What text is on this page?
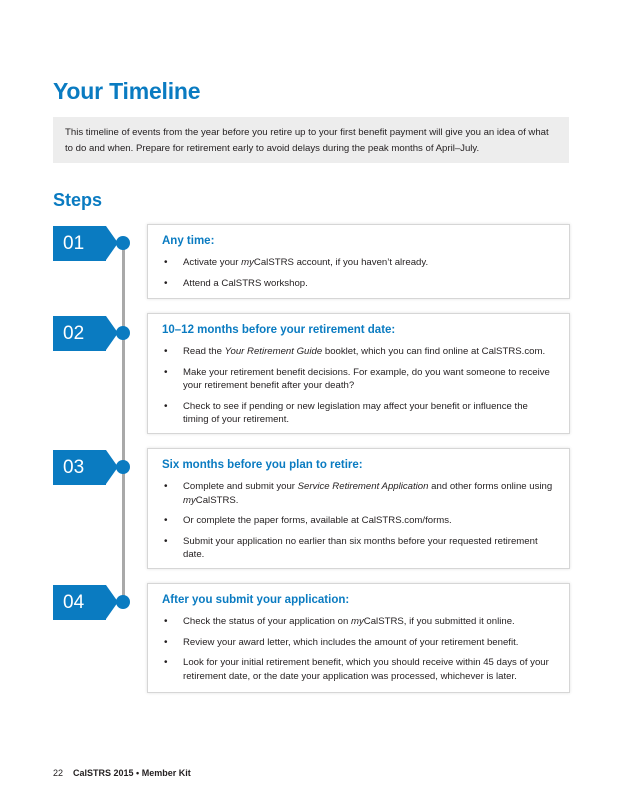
Your Timeline

This timeline of events from the year before you retire up to your first benefit payment will give you an idea of what to do and when. Prepare for retirement early to avoid delays during the peak months of April–July.

Steps
01	Any time:
• Activate your myCalSTRS account, if you haven’t already.
• Attend a CalSTRS workshop.
02	10–12 months before your retirement date:
• Read the Your Retirement Guide booklet, which you can find online at CalSTRS.com.
• Make your retirement benefit decisions. For example, do you want someone to receive your retirement benefit after your death?
• Check to see if pending or new legislation may affect your benefit or influence the timing of your retirement.
03	Six months before you plan to retire:
• Complete and submit your Service Retirement Application and other forms online using myCalSTRS.
• Or complete the paper forms, available at CalSTRS.com/forms.
• Submit your application no earlier than six months before your requested retirement date.
04	After you submit your application:
• Check the status of your application on myCalSTRS, if you submitted it online.
• Review your award letter, which includes the amount of your retirement benefit.
• Look for your initial retirement benefit, which you should receive within 45 days of your retirement date, or the date your application was processed, whichever is later.
22 CalSTRS 2015 • Member Kit
